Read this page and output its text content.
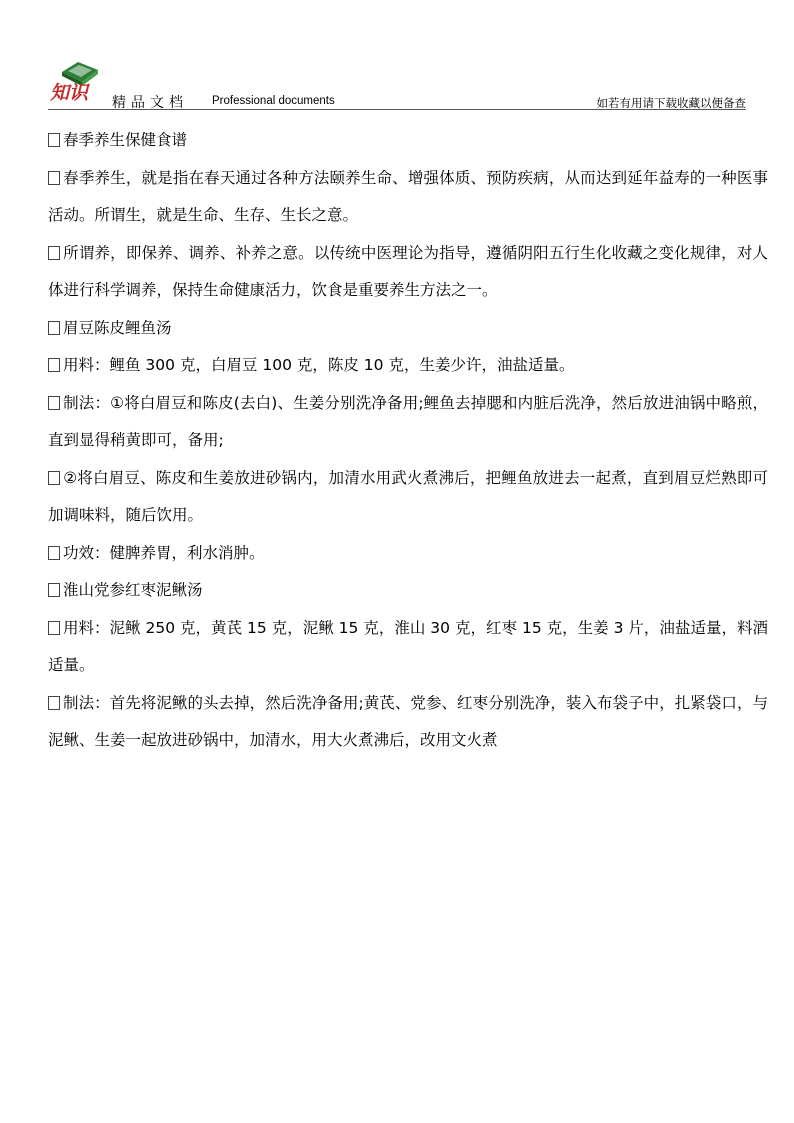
知识 精品文档 Professional documents	如若有用请下载收藏以便备查

春季养生保健食谱

春季养生，就是指在春天通过各种方法颐养生命、增强体质、预防疾病，从而达到延年益寿的一种医事活动。所谓生，就是生命、生存、生长之意。

所谓养，即保养、调养、补养之意。以传统中医理论为指导，遵循阴阳五行生化收藏之变化规律，对人体进行科学调养，保持生命健康活力，饮食是重要养生方法之一。

眉豆陈皮鲤鱼汤

用料：鲤鱼 300 克，白眉豆 100 克，陈皮 10 克，生姜少许，油盐适量。

制法：①将白眉豆和陈皮(去白)、生姜分别洗净备用;鲤鱼去掉腮和内脏后洗净，然后放进油锅中略煎，直到显得稍黄即可，备用;

②将白眉豆、陈皮和生姜放进砂锅内，加清水用武火煮沸后，把鲤鱼放进去一起煮，直到眉豆烂熟即可加调味料，随后饮用。

功效：健脾养胃，利水消肿。

淮山党参红枣泥鳅汤

用料：泥鳅 250 克，黄芪 15 克，泥鳅 15 克，淮山 30 克，红枣 15 克，生姜 3 片，油盐适量，料酒适量。

制法：首先将泥鳅的头去掉，然后洗净备用;黄芪、党参、红枣分别洗净，装入布袋子中，扎紧袋口，与泥鳅、生姜一起放进砂锅中，加清水，用大火煮沸后，改用文火煮
